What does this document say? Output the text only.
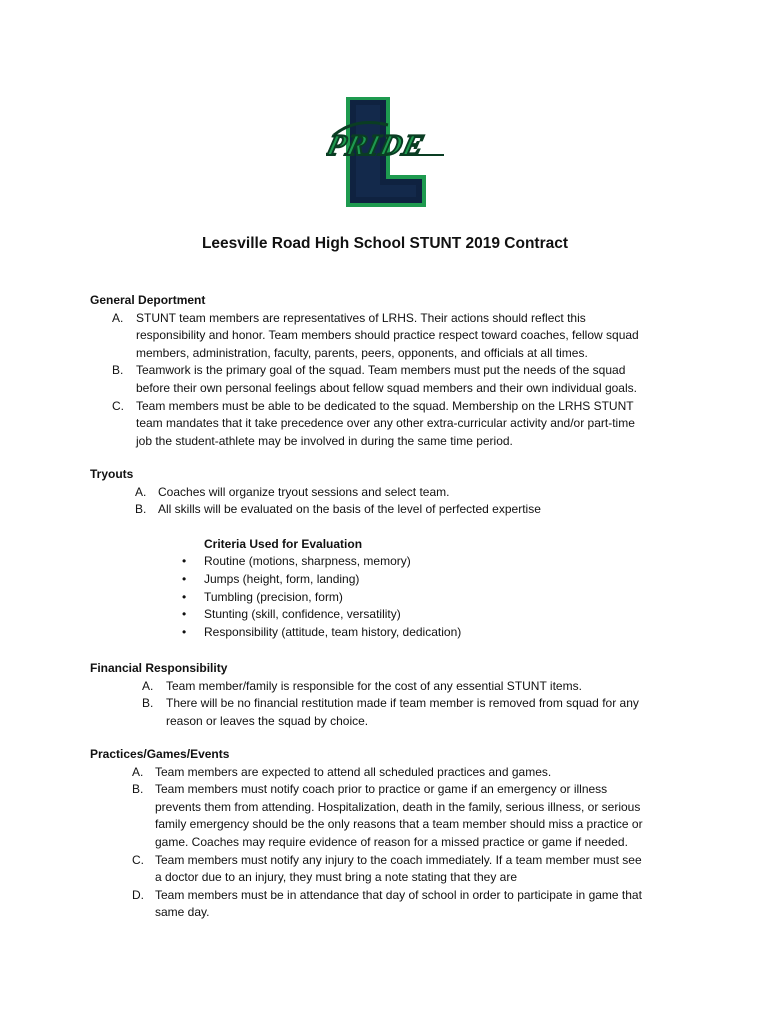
PRIDE
Leesville Road High School STUNT 2019 Contract
General Deportment
A. STUNT team members are representatives of LRHS. Their actions should reflect this
responsibility and honor. Team members should practice respect toward coaches, fellow squad
members, administration, faculty, parents, peers, opponents, and officials at all times.
B. Teamwork is the primary goal of the squad. Team members must put the needs of the squad
before their own personal feelings about fellow squad members and their own individual goals.
C. Team members must be able to be dedicated to the squad. Membership on the LRHS STUNT
team mandates that it take precedence over any other extra-curricular activity and/or part-time
job the student-athlete may be involved in during the same time period.
Tryouts
A. Coaches will organize tryout sessions and select team.
B. All skills will be evaluated on the basis of the level of perfected expertise
Criteria Used for Evaluation
• Routine (motions, sharpness, memory)
• Jumps (height, form, landing)
• Tumbling (precision, form)
• Stunting (skill, confidence, versatility)
• Responsibility (attitude, team history, dedication)
Financial Responsibility
A. Team member/family is responsible for the cost of any essential STUNT items.
B. There will be no financial restitution made if team member is removed from squad for any
reason or leaves the squad by choice.
Practices/Games/Events
A. Team members are expected to attend all scheduled practices and games.
B. Team members must notify coach prior to practice or game if an emergency or illness
prevents them from attending. Hospitalization, death in the family, serious illness, or serious
family emergency should be the only reasons that a team member should miss a practice or
game. Coaches may require evidence of reason for a missed practice or game if needed.
C. Team members must notify any injury to the coach immediately. If a team member must see
a doctor due to an injury, they must bring a note stating that they are
D. Team members must be in attendance that day of school in order to participate in game that
same day.
